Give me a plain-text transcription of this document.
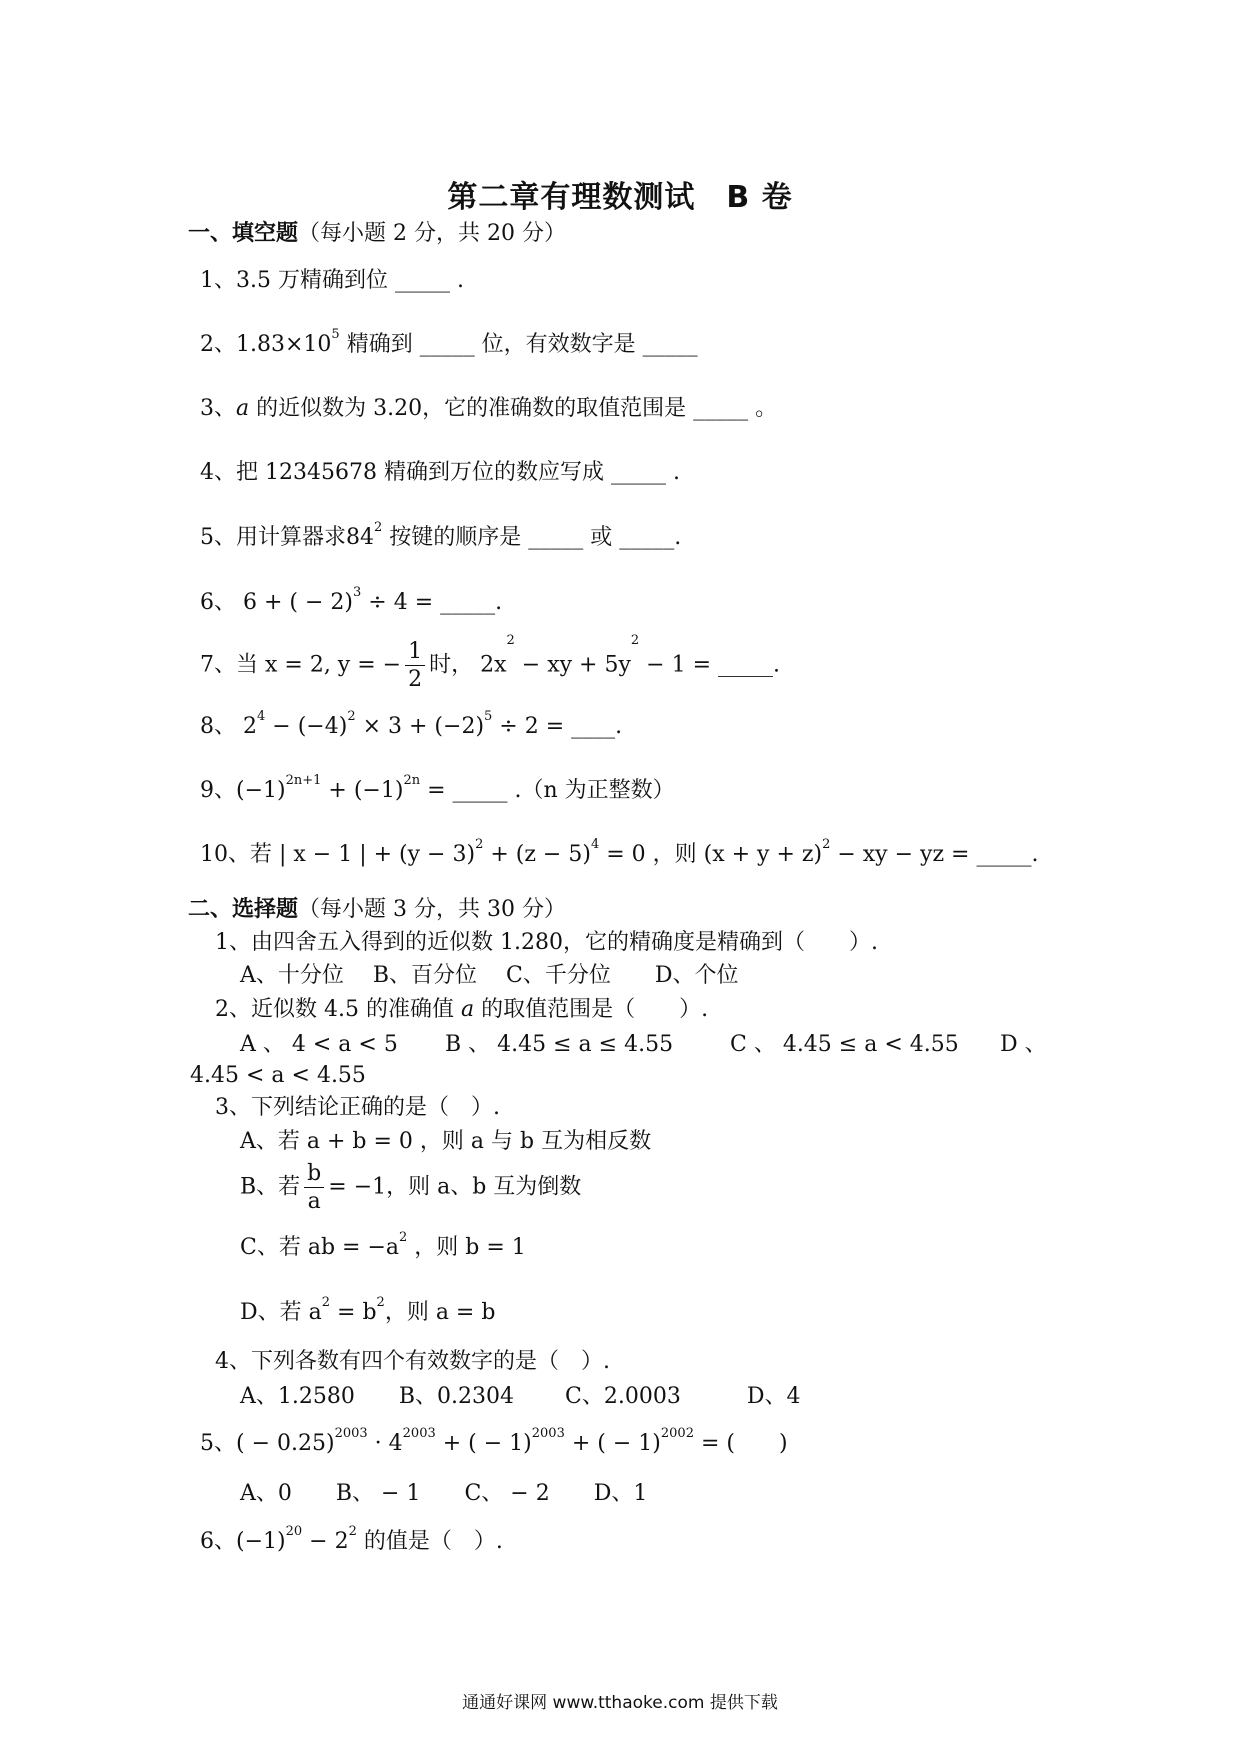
第二章有理数测试　B 卷
一、填空题（每小题 2 分，共 20 分）
1、3.5 万精确到位 _____ .
2、$1.83\times 10^5$ 精确到 _____ 位，有效数字是 _____
3、a 的近似数为 3.20，它的准确数的取值范围是 _____ 。
4、把 12345678 精确到万位的数应写成 _____ .
5、用计算器求$84^2$ 按键的顺序是 _____ 或 _____.
6、 6 + ( − 2)$^3$ ÷ 4 = _____.
7、当 x = 2, y = − $\frac{1}{2}$ 时， $2x^2$ − xy + $5y^2 - 1$ = _____.
8、 $2^4 - (-4)^2 \times 3 + (-2)^5 \div 2$ = ____.
9、$(-1)^{2n+1} + (-1)^{2n}$ = _____ .（n 为正整数）
10、若 | x − 1 | + $(y - 3)^2 + (z - 5)^4 = 0$ ，则 $(x + y + z)^2$ − xy − yz = _____.
二、选择题（每小题 3 分，共 30 分）
1、由四舍五入得到的近似数 1.280，它的精确度是精确到（　　）.
A、十分位　 B、百分位　 C、千分位　　D、个位
2、近似数 4.5 的准确值 a 的取值范围是（　　）.
A 、 4 < a < 5 B 、 4.45 ≤ a ≤ 4.55	C 、 4.45 ≤ a < 4.55 D 、
4.45 < a < 4.55
3、下列结论正确的是（　）.
A、若 a + b = 0 ，则 a 与 b 互为相反数
B、若 $\frac{b}{a} = -1$，则 a、b 互为倒数
C、若 ab = $-a^2$ ，则 b = 1
D、若 $a^2 = b^2$，则 a = b
4、下列各数有四个有效数字的是（　）.
A、1.2580　　B、0.2304　　 C、2.0003　　　D、4
5、( − $0.25)^{2003} \cdot 4^{2003}$ + ( − 1)$^{2003}$ + ( − 1)$^{2002}$ = (　　)
A、0　　B、 − 1　　C、 − 2　　D、1
6、$(-1)^{20} - 2^2$ 的值是（　）.
通通好课网 www.tthaoke.com 提供下载
